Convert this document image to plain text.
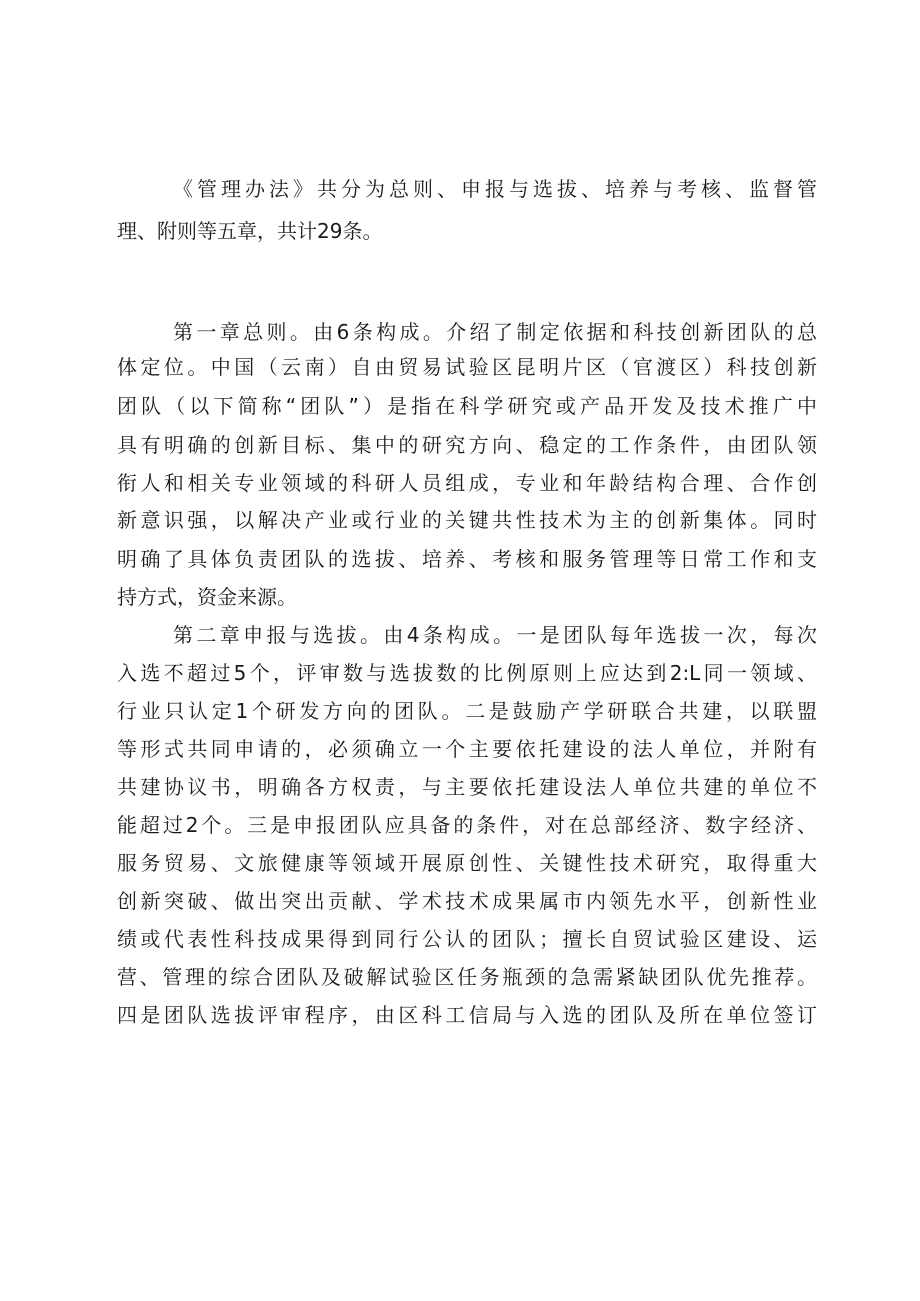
《管理办法》共分为总则、申报与选拔、培养与考核、监督管

理、附则等五章，共计29条。

第一章总则。由6条构成。介绍了制定依据和科技创新团队的总

体定位。中国（云南）自由贸易试验区昆明片区（官渡区）科技创新

团队（以下简称“团队”）是指在科学研究或产品开发及技术推广中

具有明确的创新目标、集中的研究方向、稳定的工作条件，由团队领

衔人和相关专业领域的科研人员组成，专业和年龄结构合理、合作创

新意识强，以解决产业或行业的关键共性技术为主的创新集体。同时

明确了具体负责团队的选拔、培养、考核和服务管理等日常工作和支

持方式，资金来源。

第二章申报与选拔。由4条构成。一是团队每年选拔一次，每次

入选不超过5个，评审数与选拔数的比例原则上应达到2:L同一领域、

行业只认定1个研发方向的团队。二是鼓励产学研联合共建，以联盟

等形式共同申请的，必须确立一个主要依托建设的法人单位，并附有

共建协议书，明确各方权责，与主要依托建设法人单位共建的单位不

能超过2个。三是申报团队应具备的条件，对在总部经济、数字经济、

服务贸易、文旅健康等领域开展原创性、关键性技术研究，取得重大

创新突破、做出突出贡献、学术技术成果属市内领先水平，创新性业

绩或代表性科技成果得到同行公认的团队；擅长自贸试验区建设、运

营、管理的综合团队及破解试验区任务瓶颈的急需紧缺团队优先推荐。

四是团队选拔评审程序，由区科工信局与入选的团队及所在单位签订
